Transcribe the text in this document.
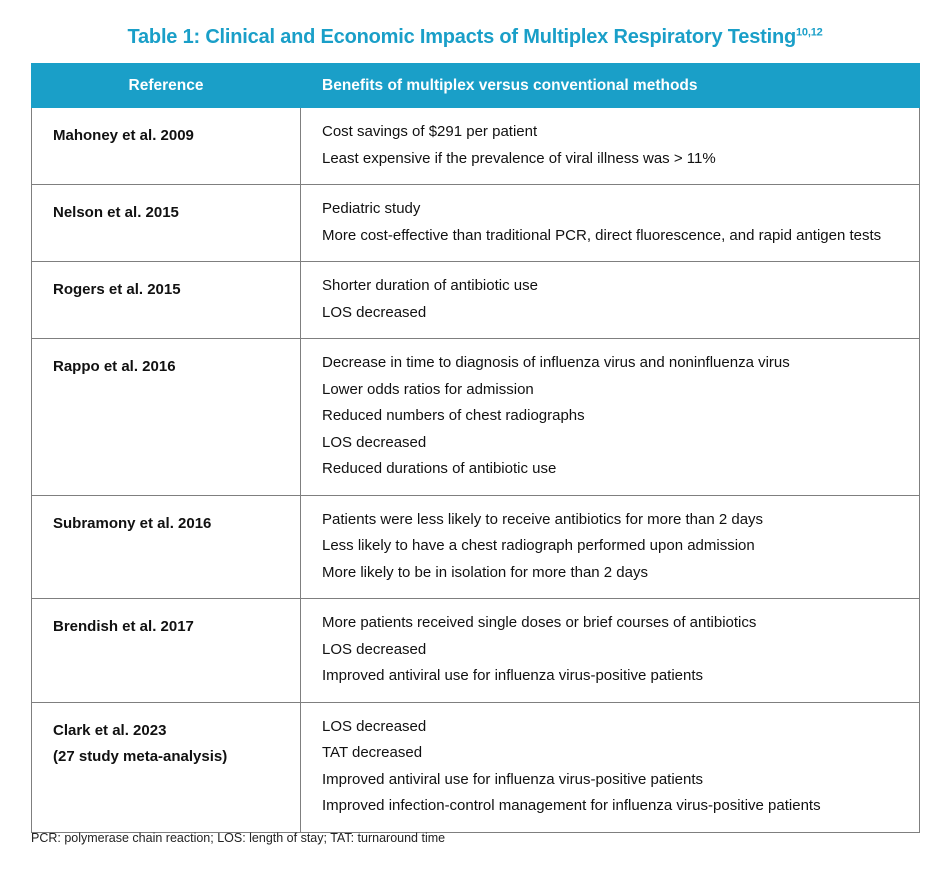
Table 1: Clinical and Economic Impacts of Multiplex Respiratory Testing$^{10,12}$
Reference	Benefits of multiplex versus conventional methods

Mahoney et al. 2009	Cost savings of $291 per patient
Least expensive if the prevalence of viral illness was > 11%

Nelson et al. 2015	Pediatric study
More cost-effective than traditional PCR, direct fluorescence, and rapid antigen tests

Rogers et al. 2015	Shorter duration of antibiotic use
LOS decreased

Rappo et al. 2016	Decrease in time to diagnosis of influenza virus and noninfluenza virus
Lower odds ratios for admission
Reduced numbers of chest radiographs
LOS decreased
Reduced durations of antibiotic use

Subramony et al. 2016	Patients were less likely to receive antibiotics for more than 2 days
Less likely to have a chest radiograph performed upon admission
More likely to be in isolation for more than 2 days

Brendish et al. 2017	More patients received single doses or brief courses of antibiotics
LOS decreased
Improved antiviral use for influenza virus-positive patients

Clark et al. 2023
(27 study meta-analysis)	LOS decreased
TAT decreased
Improved antiviral use for influenza virus-positive patients
Improved infection-control management for influenza virus-positive patients
PCR: polymerase chain reaction; LOS: length of stay; TAT: turnaround time
